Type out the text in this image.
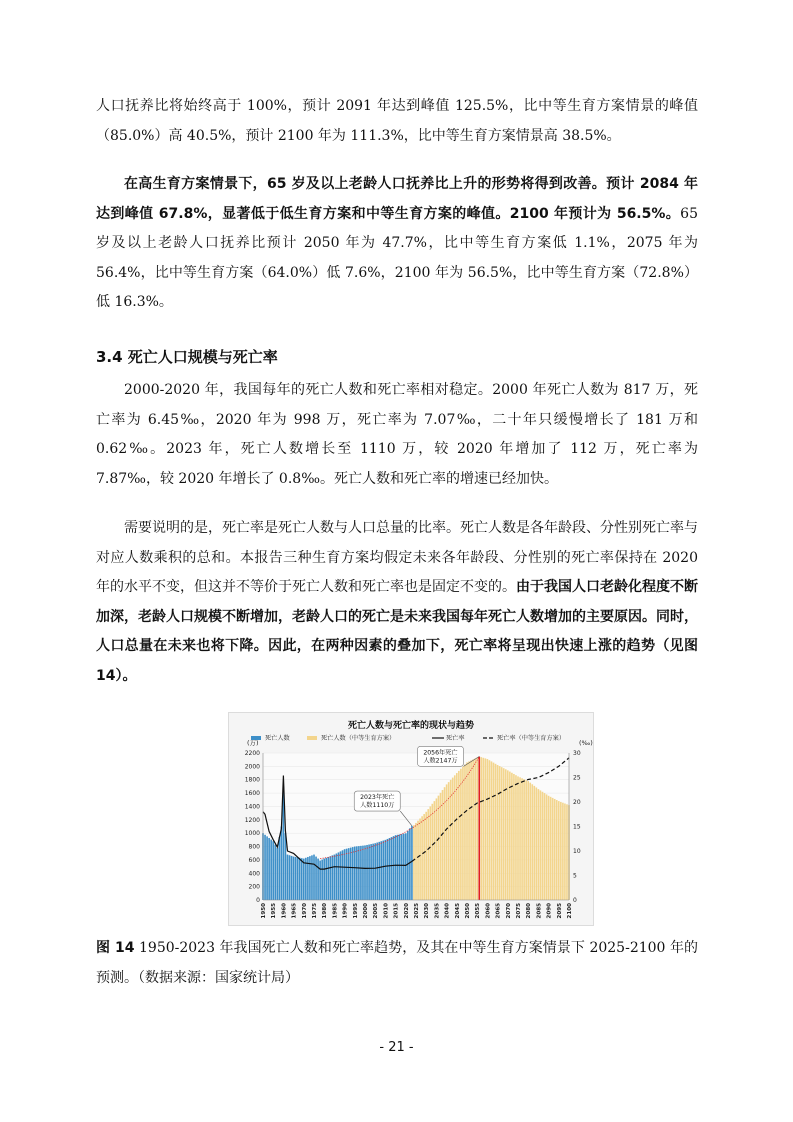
人口抚养比将始终高于 100%，预计 2091 年达到峰值 125.5%，比中等生育方案情景的峰值（85.0%）高 40.5%，预计 2100 年为 111.3%，比中等生育方案情景高 38.5%。

在高生育方案情景下，65 岁及以上老龄人口抚养比上升的形势将得到改善。预计 2084 年达到峰值 67.8%，显著低于低生育方案和中等生育方案的峰值。2100 年预计为 56.5%。65 岁及以上老龄人口抚养比预计 2050 年为 47.7%，比中等生育方案低 1.1%，2075 年为 56.4%，比中等生育方案（64.0%）低 7.6%，2100 年为 56.5%，比中等生育方案（72.8%）低 16.3%。

3.4 死亡人口规模与死亡率

2000-2020 年，我国每年的死亡人数和死亡率相对稳定。2000 年死亡人数为 817 万，死亡率为 6.45‰，2020 年为 998 万，死亡率为 7.07‰，二十年只缓慢增长了 181 万和 0.62‰。2023 年，死亡人数增长至 1110 万，较 2020 年增加了 112 万，死亡率为 7.87‰，较 2020 年增长了 0.8‰。死亡人数和死亡率的增速已经加快。

需要说明的是，死亡率是死亡人数与人口总量的比率。死亡人数是各年龄段、分性别死亡率与对应人数乘积的总和。本报告三种生育方案均假定未来各年龄段、分性别的死亡率保持在 2020 年的水平不变，但这并不等价于死亡人数和死亡率也是固定不变的。由于我国人口老龄化程度不断加深，老龄人口规模不断增加，老龄人口的死亡是未来我国每年死亡人数增加的主要原因。同时，人口总量在未来也将下降。因此，在两种因素的叠加下，死亡率将呈现出快速上涨的趋势（见图 14）。

死亡人数与死亡率的现状与趋势
死亡人数	死亡人数（中等生育方案）	死亡率	死亡率（中等生育方案）
(万)	(‰)
0
200
400
600
800
1000
1200
1400
1600
1800
2000
2200
0
5
10
15
20
25
30
1950 1955 1960 1965 1970 1975 1980 1985 1990 1995 2000 2005 2010 2015 2020 2025 2030 2035 2040 2045 2050 2055 2060 2065 2070 2075 2080 2085 2090 2095 2100
2023年死亡
人数1110万
2056年死亡
人数2147万

图 14 1950-2023 年我国死亡人数和死亡率趋势，及其在中等生育方案情景下 2025-2100 年的预测。（数据来源：国家统计局）

- 21 -
